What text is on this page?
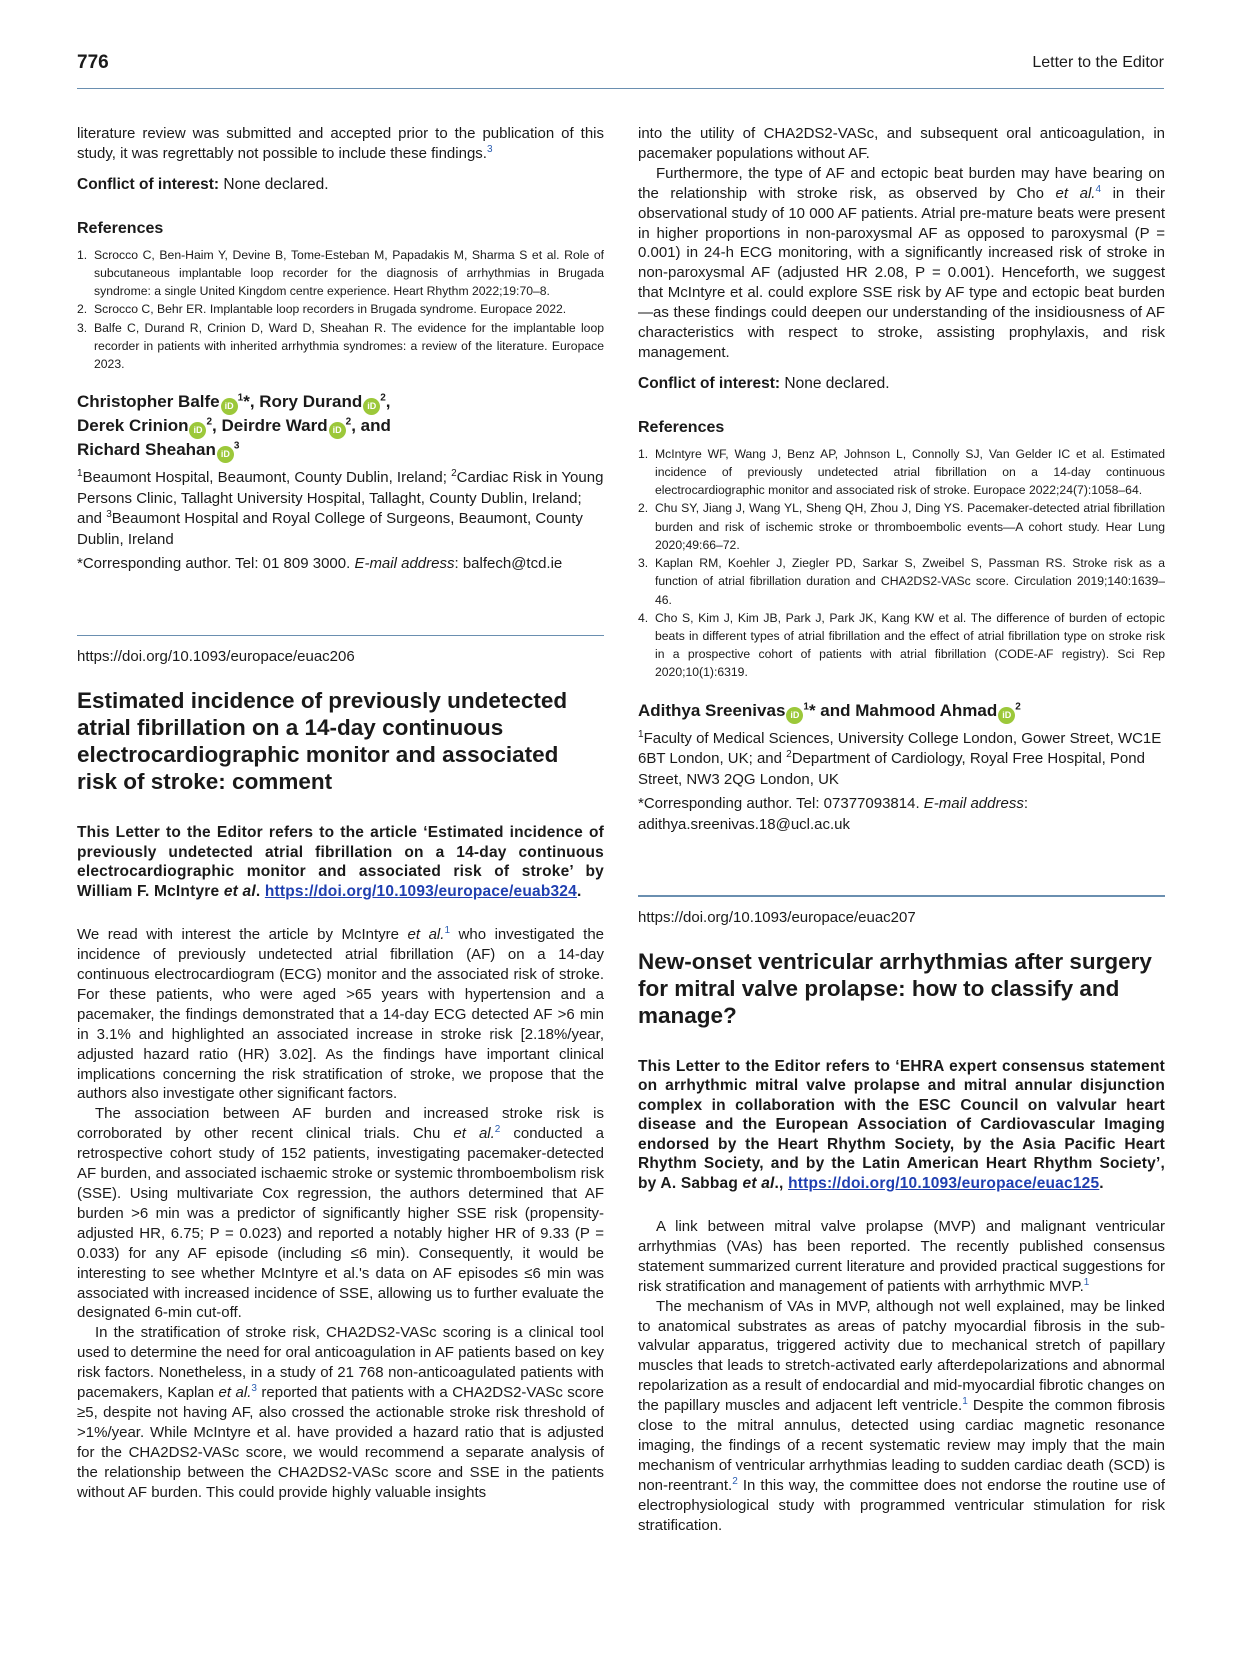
776	Letter to the Editor

literature review was submitted and accepted prior to the publication of this study, it was regrettably not possible to include these findings.$^3$

Conflict of interest: None declared.
References
1. Scrocco C, Ben-Haim Y, Devine B, Tome-Esteban M, Papadakis M, Sharma S et al. Role of subcutaneous implantable loop recorder for the diagnosis of arrhythmias in Brugada syndrome: a single United Kingdom centre experience. Heart Rhythm 2022;19:70–8.
2. Scrocco C, Behr ER. Implantable loop recorders in Brugada syndrome. Europace 2022.
3. Balfe C, Durand R, Crinion D, Ward D, Sheahan R. The evidence for the implantable loop recorder in patients with inherited arrhythmia syndromes: a review of the literature. Europace 2023.
Christopher Balfe iD$^1$*, Rory Durand iD$^2$,
Derek Crinion iD$^2$, Deirdre Ward iD$^2$, and
Richard Sheahan iD$^3$
$^1$Beaumont Hospital, Beaumont, County Dublin, Ireland; $^2$Cardiac Risk in Young Persons Clinic, Tallaght University Hospital, Tallaght, County Dublin, Ireland; and $^3$Beaumont Hospital and Royal College of Surgeons, Beaumont, County Dublin, Ireland
*Corresponding author. Tel: 01 809 3000. E-mail address: balfech@tcd.ie
https://doi.org/10.1093/europace/euac206
Estimated incidence of previously undetected atrial fibrillation on a 14-day continuous electrocardiographic monitor and associated risk of stroke: comment
This Letter to the Editor refers to the article ‘Estimated incidence of previously undetected atrial fibrillation on a 14-day continuous electrocardiographic monitor and associated risk of stroke’ by William F. McIntyre et al. https://doi.org/10.1093/europace/euab324.

We read with interest the article by McIntyre et al.$^1$ who investigated the incidence of previously undetected atrial fibrillation (AF) on a 14-day continuous electrocardiogram (ECG) monitor and the associated risk of stroke. For these patients, who were aged >65 years with hypertension and a pacemaker, the findings demonstrated that a 14-day ECG detected AF >6 min in 3.1% and highlighted an associated increase in stroke risk [2.18%/year, adjusted hazard ratio (HR) 3.02]. As the findings have important clinical implications concerning the risk stratification of stroke, we propose that the authors also investigate other significant factors.

The association between AF burden and increased stroke risk is corroborated by other recent clinical trials. Chu et al.$^2$ conducted a retrospective cohort study of 152 patients, investigating pacemaker-detected AF burden, and associated ischaemic stroke or systemic thromboembolism risk (SSE). Using multivariate Cox regression, the authors determined that AF burden >6 min was a predictor of significantly higher SSE risk (propensity-adjusted HR, 6.75; P = 0.023) and reported a notably higher HR of 9.33 (P = 0.033) for any AF episode (including ≤6 min). Consequently, it would be interesting to see whether McIntyre et al.'s data on AF episodes ≤6 min was associated with increased incidence of SSE, allowing us to further evaluate the designated 6-min cut-off.

In the stratification of stroke risk, CHA2DS2-VASc scoring is a clinical tool used to determine the need for oral anticoagulation in AF patients based on key risk factors. Nonetheless, in a study of 21 768 non-anticoagulated patients with pacemakers, Kaplan et al.$^3$ reported that patients with a CHA2DS2-VASc score ≥5, despite not having AF, also crossed the actionable stroke risk threshold of >1%/year. While McIntyre et al. have provided a hazard ratio that is adjusted for the CHA2DS2-VASc score, we would recommend a separate analysis of the relationship between the CHA2DS2-VASc score and SSE in the patients without AF burden. This could provide highly valuable insights

into the utility of CHA2DS2-VASc, and subsequent oral anticoagulation, in pacemaker populations without AF.

Furthermore, the type of AF and ectopic beat burden may have bearing on the relationship with stroke risk, as observed by Cho et al.$^4$ in their observational study of 10 000 AF patients. Atrial pre-mature beats were present in higher proportions in non-paroxysmal AF as opposed to paroxysmal (P = 0.001) in 24-h ECG monitoring, with a significantly increased risk of stroke in non-paroxysmal AF (adjusted HR 2.08, P = 0.001). Henceforth, we suggest that McIntyre et al. could explore SSE risk by AF type and ectopic beat burden—as these findings could deepen our understanding of the insidiousness of AF characteristics with respect to stroke, assisting prophylaxis, and risk management.

Conflict of interest: None declared.
References
1. McIntyre WF, Wang J, Benz AP, Johnson L, Connolly SJ, Van Gelder IC et al. Estimated incidence of previously undetected atrial fibrillation on a 14-day continuous electrocardiographic monitor and associated risk of stroke. Europace 2022;24(7):1058–64.
2. Chu SY, Jiang J, Wang YL, Sheng QH, Zhou J, Ding YS. Pacemaker-detected atrial fibrillation burden and risk of ischemic stroke or thromboembolic events—A cohort study. Hear Lung 2020;49:66–72.
3. Kaplan RM, Koehler J, Ziegler PD, Sarkar S, Zweibel S, Passman RS. Stroke risk as a function of atrial fibrillation duration and CHA2DS2-VASc score. Circulation 2019;140:1639–46.
4. Cho S, Kim J, Kim JB, Park J, Park JK, Kang KW et al. The difference of burden of ectopic beats in different types of atrial fibrillation and the effect of atrial fibrillation type on stroke risk in a prospective cohort of patients with atrial fibrillation (CODE-AF registry). Sci Rep 2020;10(1):6319.
Adithya Sreenivas iD$^1$* and Mahmood Ahmad iD$^2$
$^1$Faculty of Medical Sciences, University College London, Gower Street, WC1E 6BT London, UK; and $^2$Department of Cardiology, Royal Free Hospital, Pond Street, NW3 2QG London, UK
*Corresponding author. Tel: 07377093814. E-mail address: adithya.sreenivas.18@ucl.ac.uk
https://doi.org/10.1093/europace/euac207
New-onset ventricular arrhythmias after surgery for mitral valve prolapse: how to classify and manage?
This Letter to the Editor refers to ‘EHRA expert consensus statement on arrhythmic mitral valve prolapse and mitral annular disjunction complex in collaboration with the ESC Council on valvular heart disease and the European Association of Cardiovascular Imaging endorsed by the Heart Rhythm Society, by the Asia Pacific Heart Rhythm Society, and by the Latin American Heart Rhythm Society’, by A. Sabbag et al., https://doi.org/10.1093/europace/euac125.

A link between mitral valve prolapse (MVP) and malignant ventricular arrhythmias (VAs) has been reported. The recently published consensus statement summarized current literature and provided practical suggestions for risk stratification and management of patients with arrhythmic MVP.$^1$

The mechanism of VAs in MVP, although not well explained, may be linked to anatomical substrates as areas of patchy myocardial fibrosis in the sub-valvular apparatus, triggered activity due to mechanical stretch of papillary muscles that leads to stretch-activated early afterdepolarizations and abnormal repolarization as a result of endocardial and mid-myocardial fibrotic changes on the papillary muscles and adjacent left ventricle.$^1$ Despite the common fibrosis close to the mitral annulus, detected using cardiac magnetic resonance imaging, the findings of a recent systematic review may imply that the main mechanism of ventricular arrhythmias leading to sudden cardiac death (SCD) is non-reentrant.$^2$ In this way, the committee does not endorse the routine use of electrophysiological study with programmed ventricular stimulation for risk stratification.
